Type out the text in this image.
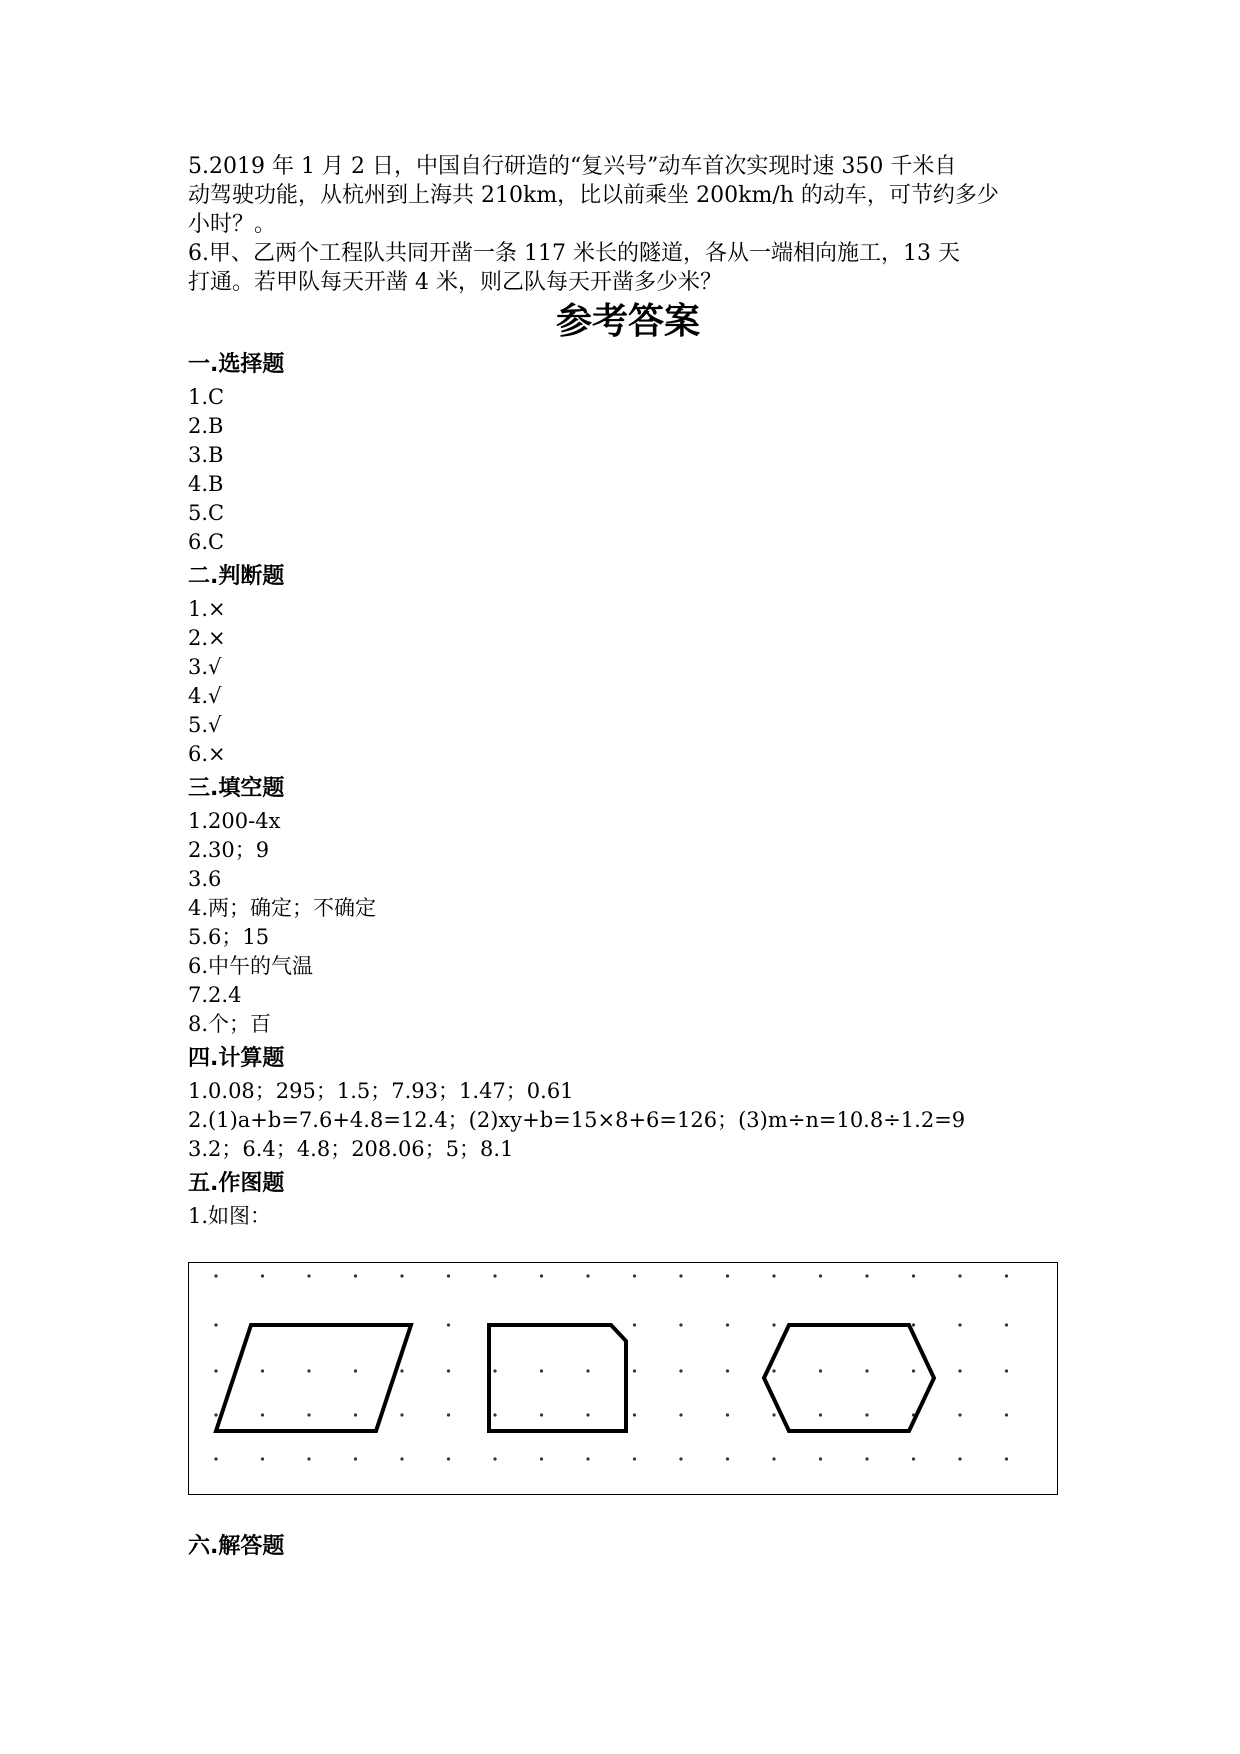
5.2019 年 1 月 2 日，中国自行研造的“复兴号”动车首次实现时速 350 千米自

动驾驶功能，从杭州到上海共 210km，比以前乘坐 200km/h 的动车，可节约多少

小时？。

6.甲、乙两个工程队共同开凿一条 117 米长的隧道，各从一端相向施工，13 天

打通。若甲队每天开凿 4 米，则乙队每天开凿多少米？

参考答案
一.选择题
1.C
2.B
3.B
4.B
5.C
6.C
二.判断题
1.×
2.×
3.√
4.√
5.√
6.×
三.填空题
1.200-4x
2.30；9
3.6
4.两；确定；不确定
5.6；15
6.中午的气温
7.2.4
8.个；百
四.计算题
1.0.08；295；1.5；7.93；1.47；0.61
2.(1)a+b=7.6+4.8=12.4；(2)xy+b=15×8+6=126；(3)m÷n=10.8÷1.2=9
3.2；6.4；4.8；208.06；5；8.1
五.作图题
1.如图：
六.解答题
